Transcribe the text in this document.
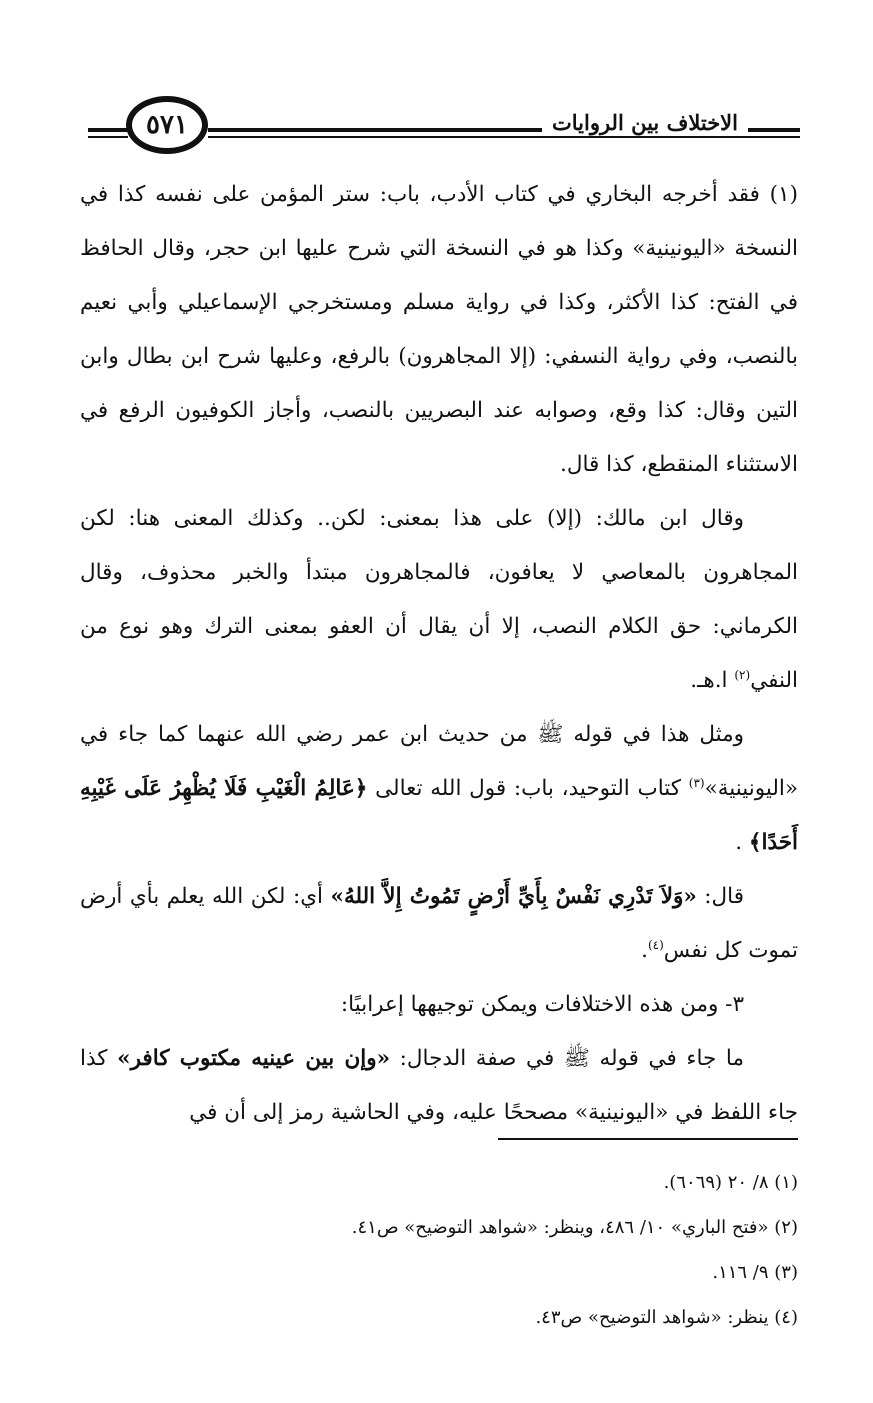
الاختلاف بين الروايات
٥٧١

(١) فقد أخرجه البخاري في كتاب الأدب، باب: ستر المؤمن على نفسه كذا في النسخة «اليونينية» وكذا هو في النسخة التي شرح عليها ابن حجر، وقال الحافظ في الفتح: كذا الأكثر، وكذا في رواية مسلم ومستخرجي الإسماعيلي وأبي نعيم بالنصب، وفي رواية النسفي: (إلا المجاهرون) بالرفع، وعليها شرح ابن بطال وابن التين وقال: كذا وقع، وصوابه عند البصريين بالنصب، وأجاز الكوفيون الرفع في الاستثناء المنقطع، كذا قال.

وقال ابن مالك: (إلا) على هذا بمعنى: لكن.. وكذلك المعنى هنا: لكن المجاهرون بالمعاصي لا يعافون، فالمجاهرون مبتدأ والخبر محذوف، وقال الكرماني: حق الكلام النصب، إلا أن يقال أن العفو بمعنى الترك وهو نوع من النفي$^{(٢)}$ ا.هـ.

ومثل هذا في قوله ﷺ من حديث ابن عمر رضي الله عنهما كما جاء في «اليونينية»$^{(٣)}$ كتاب التوحيد، باب: قول الله تعالى ﴿عَالِمُ الْغَيْبِ فَلَا يُظْهِرُ عَلَى غَيْبِهِ أَحَدًا﴾ .

قال: «وَلاَ تَدْرِي نَفْسٌ بِأَيِّ أَرْضٍ تَمُوتُ إِلاَّ اللهُ» أي: لكن الله يعلم بأي أرض تموت كل نفس$^{(٤)}$.

٣- ومن هذه الاختلافات ويمكن توجيهها إعرابيًا:

ما جاء في قوله ﷺ في صفة الدجال: «وإن بين عينيه مكتوب كافر» كذا جاء اللفظ في «اليونينية» مصححًا عليه، وفي الحاشية رمز إلى أن في

(١) ٨/ ٢٠ (٦٠٦٩).

(٢) «فتح الباري» ١٠/ ٤٨٦، وينظر: «شواهد التوضيح» ص٤١.

(٣) ٩/ ١١٦.

(٤) ينظر: «شواهد التوضيح» ص٤٣.
